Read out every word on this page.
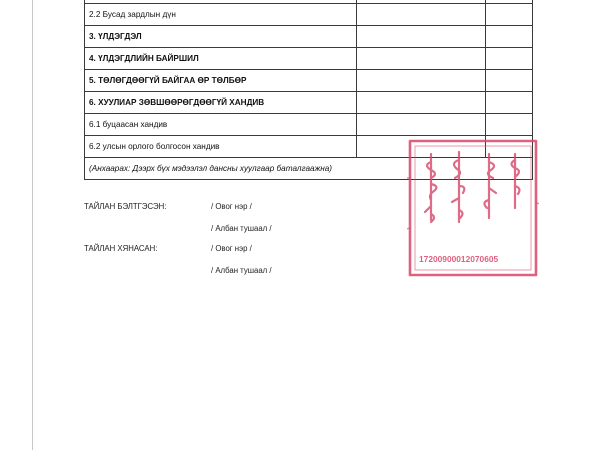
2.2 Бусад зардлын дүн		
3. ҮЛДЭГДЭЛ		
4. ҮЛДЭГДЛИЙН БАЙРШИЛ		
5. ТӨЛӨГДӨӨГҮЙ БАЙГАА ӨР ТӨЛБӨР		
6. ХУУЛИАР ЗӨВШӨӨРӨГДӨӨГҮЙ ХАНДИВ		
6.1 буцаасан хандив		
6.2 улсын орлого болгосон хандив		
(Анхаарах: Дээрх бүх мэдээлэл дансны хуулгаар баталгаажна)		
ТАЙЛАН БЭЛТГЭСЭН:	/ Овог нэр /
/ Албан тушаал /
ТАЙЛАН ХЯНАСАН:	/ Овог нэр /
/ Албан тушаал /
17200900012070605
